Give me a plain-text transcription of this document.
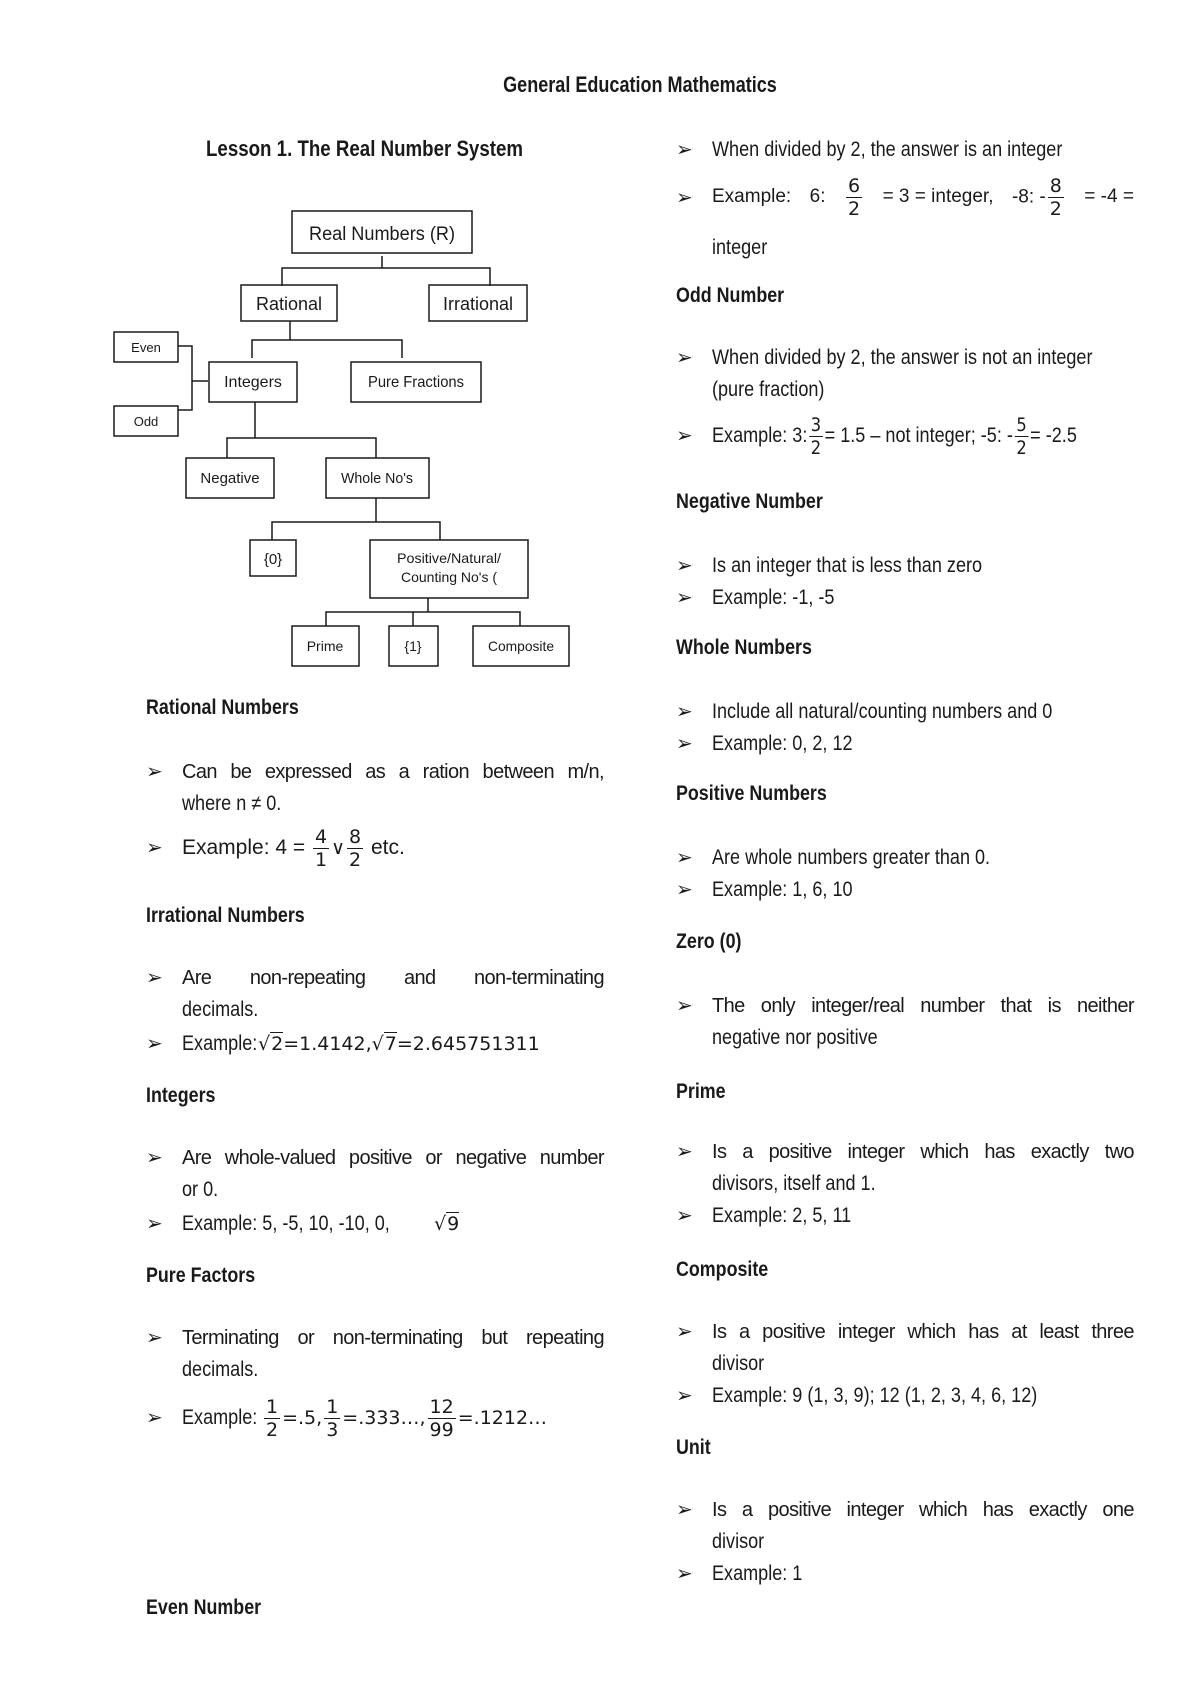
General Education Mathematics
Lesson 1. The Real Number System
Real Numbers (R)
Rational	Irrational
Even
Odd
Integers	Pure Fractions
Negative	Whole No's
{0}	Positive/Natural/
Counting No's (
Prime	{1}	Composite
Rational Numbers
➢ Can be expressed as a ration between m/n,
where n ≠ 0.
➢ Example: $4 = \frac{4}{1}$ ∨ $\frac{8}{2}$ etc.
Irrational Numbers
➢ Are non-repeating and non-terminating
decimals.
➢ Example:√2=1.4142,√7=2.645751311
Integers
➢ Are whole-valued positive or negative number
or 0.
➢ Example: 5, -5, 10, -10, 0, √9
Pure Factors
➢ Terminating or non-terminating but repeating
decimals.
➢ Example: $\frac{1}{2} =.5$, $\frac{1}{3}$ =.333…, $\frac{12}{99}$ =.1212…
Even Number
➢ When divided by 2, the answer is an integer
➢ Example: 6: $\frac{6}{2} = 3$ = integer, -8: - $\frac{8}{2} = -4$ =
integer
Odd Number
➢ When divided by 2, the answer is not an integer
(pure fraction)
➢ Example: 3: $\frac{3}{2} = 1.5$ – not integer; -5: - $\frac{5}{2} = -2.5$
Negative Number
➢ Is an integer that is less than zero
➢ Example: -1, -5
Whole Numbers
➢ Include all natural/counting numbers and 0
➢ Example: 0, 2, 12
Positive Numbers
➢ Are whole numbers greater than 0.
➢ Example: 1, 6, 10
Zero (0)
➢ The only integer/real number that is neither
negative nor positive
Prime
➢ Is a positive integer which has exactly two
divisors, itself and 1.
➢ Example: 2, 5, 11
Composite
➢ Is a positive integer which has at least three
divisor
➢ Example: 9 (1, 3, 9); 12 (1, 2, 3, 4, 6, 12)
Unit
➢ Is a positive integer which has exactly one
divisor
➢ Example: 1
